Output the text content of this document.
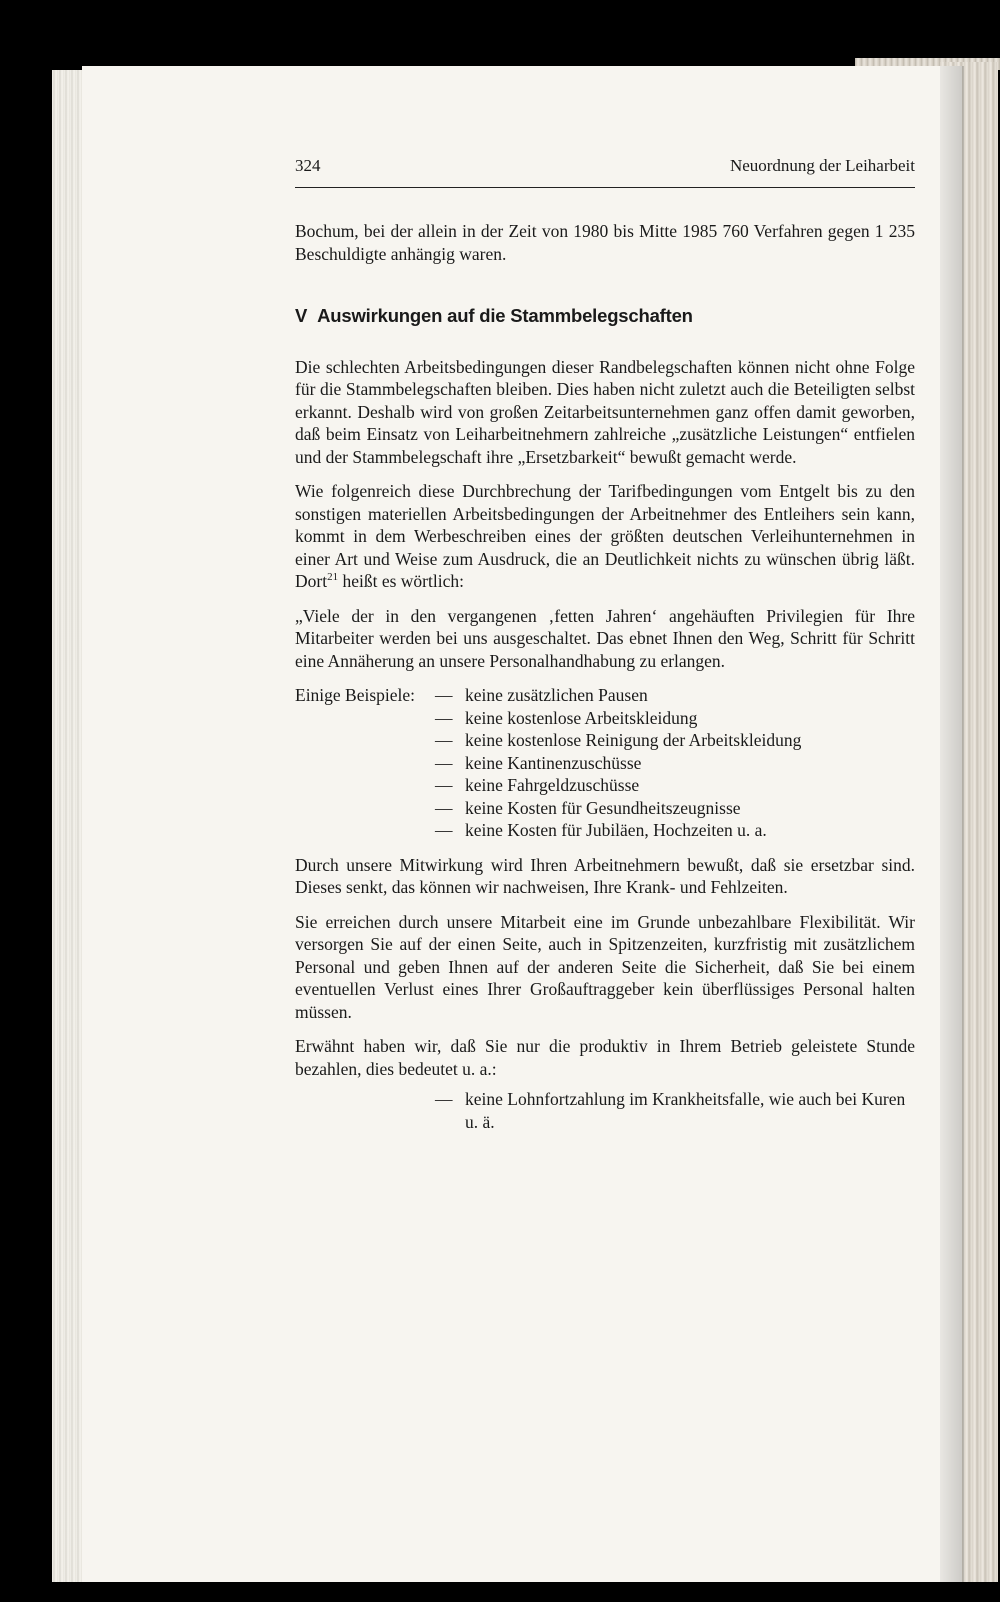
324	Neuordnung der Leiharbeit

Bochum, bei der allein in der Zeit von 1980 bis Mitte 1985 760 Verfahren gegen 1 235 Beschuldigte anhängig waren.

V Auswirkungen auf die Stammbelegschaften

Die schlechten Arbeitsbedingungen dieser Randbelegschaften können nicht ohne Folge für die Stammbelegschaften bleiben. Dies haben nicht zuletzt auch die Beteiligten selbst erkannt. Deshalb wird von großen Zeitarbeitsunternehmen ganz offen damit geworben, daß beim Einsatz von Leiharbeitnehmern zahlreiche „zusätzliche Leistungen“ entfielen und der Stammbelegschaft ihre „Ersetzbarkeit“ bewußt gemacht werde.

Wie folgenreich diese Durchbrechung der Tarifbedingungen vom Entgelt bis zu den sonstigen materiellen Arbeitsbedingungen der Arbeitnehmer des Entleihers sein kann, kommt in dem Werbeschreiben eines der größten deutschen Verleihunternehmen in einer Art und Weise zum Ausdruck, die an Deutlichkeit nichts zu wünschen übrig läßt. Dort$^{21}$ heißt es wörtlich:

„Viele der in den vergangenen ‚fetten Jahren‘ angehäuften Privilegien für Ihre Mitarbeiter werden bei uns ausgeschaltet. Das ebnet Ihnen den Weg, Schritt für Schritt eine Annäherung an unsere Personalhandhabung zu erlangen.

Einige Beispiele:	— keine zusätzlichen Pausen
— keine kostenlose Arbeitskleidung
— keine kostenlose Reinigung der Arbeitskleidung
— keine Kantinenzuschüsse
— keine Fahrgeldzuschüsse
— keine Kosten für Gesundheitszeugnisse
— keine Kosten für Jubiläen, Hochzeiten u. a.

Durch unsere Mitwirkung wird Ihren Arbeitnehmern bewußt, daß sie ersetzbar sind. Dieses senkt, das können wir nachweisen, Ihre Krank- und Fehlzeiten.

Sie erreichen durch unsere Mitarbeit eine im Grunde unbezahlbare Flexibilität. Wir versorgen Sie auf der einen Seite, auch in Spitzenzeiten, kurzfristig mit zusätzlichem Personal und geben Ihnen auf der anderen Seite die Sicherheit, daß Sie bei einem eventuellen Verlust eines Ihrer Großauftraggeber kein überflüssiges Personal halten müssen.

Erwähnt haben wir, daß Sie nur die produktiv in Ihrem Betrieb geleistete Stunde bezahlen, dies bedeutet u. a.:

— keine Lohnfortzahlung im Krankheitsfalle, wie auch bei Kuren u. ä.
